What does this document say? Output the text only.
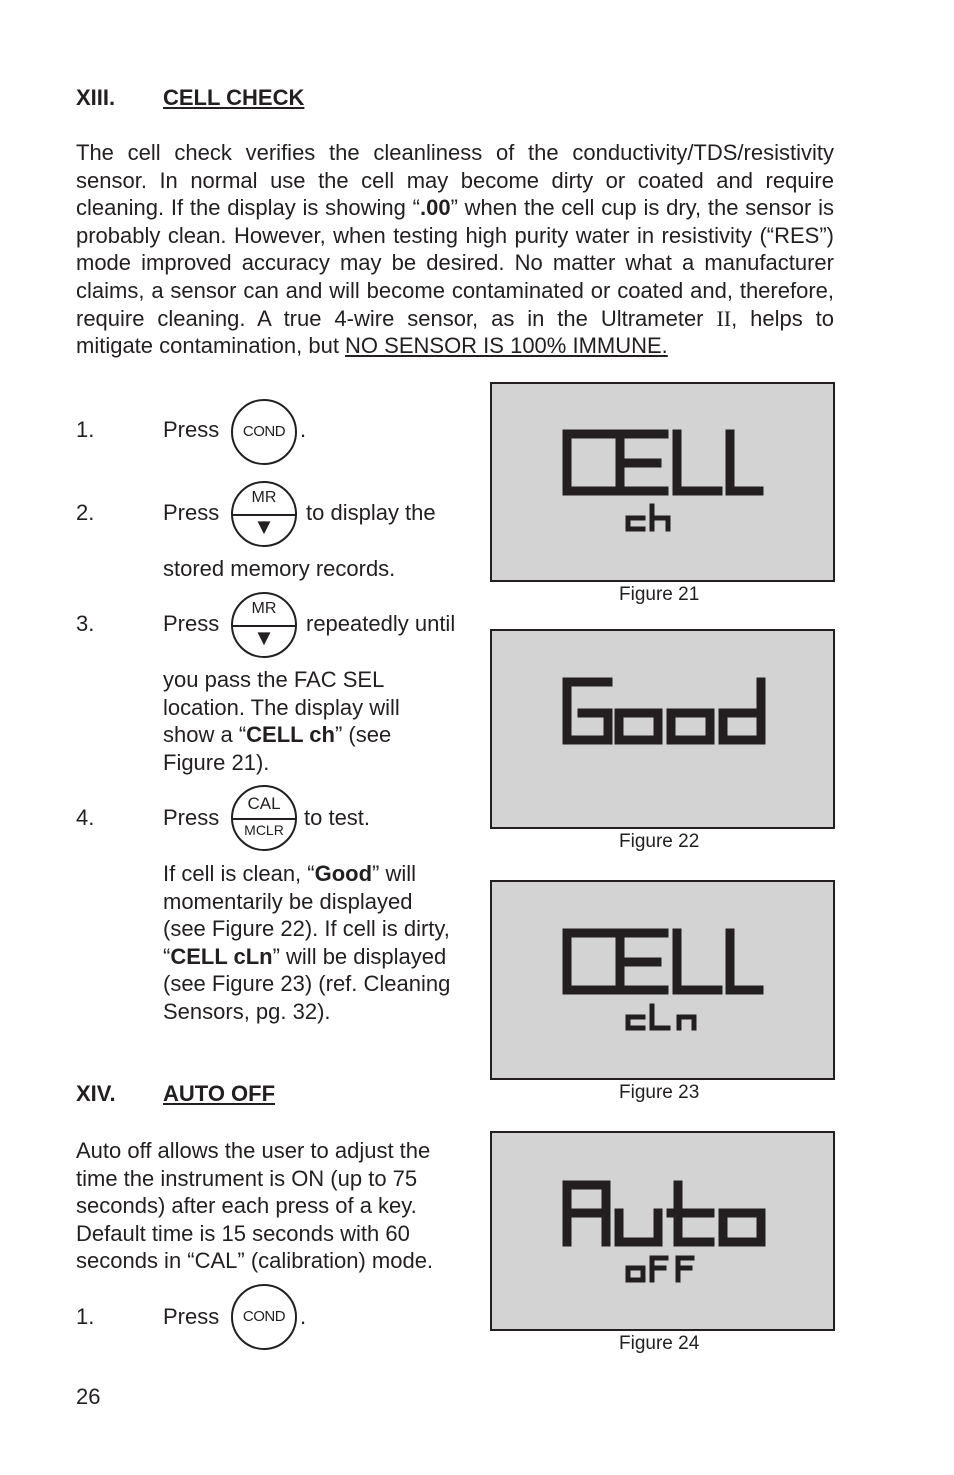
XIII. CELL CHECK
The cell check verifies the cleanliness of the conductivity/TDS/resistivity sensor. In normal use the cell may become dirty or coated and require cleaning. If the display is showing “.00” when the cell cup is dry, the sensor is probably clean. However, when testing high purity water in resistivity (“RES”) mode improved accuracy may be desired. No matter what a manufacturer claims, a sensor can and will become contaminated or coated and, therefore, require cleaning. A true 4-wire sensor, as in the Ultrameter II, helps to mitigate contamination, but NO SENSOR IS 100% IMMUNE.
1.	Press	COND .
2.	Press
MR
▼
to display the
stored memory records.
3.	Press
MR
▼
repeatedly until
you pass the FAC SEL location. The display will show a “CELL ch” (see Figure 21).
4.	Press
CAL
MCLR to test.
If cell is clean, “Good” will momentarily be displayed (see Figure 22). If cell is dirty, “CELL cLn” will be displayed (see Figure 23) (ref. Cleaning Sensors, pg. 32).
XIV. AUTO OFF
Auto off allows the user to adjust the time the instrument is ON (up to 75 seconds) after each press of a key. Default time is 15 seconds with 60 seconds in “CAL” (calibration) mode.
1.	Press	COND .
Figure 21
Figure 22
Figure 23
Figure 24
26
